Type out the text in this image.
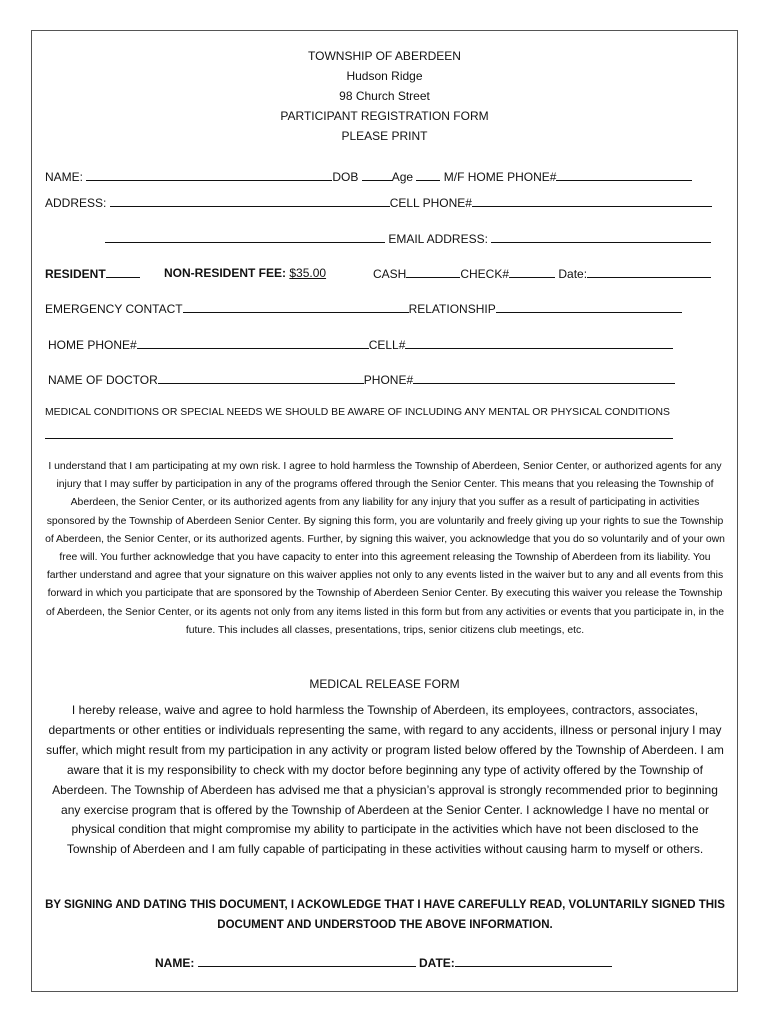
TOWNSHIP OF ABERDEEN
Hudson Ridge
98 Church Street
PARTICIPANT REGISTRATION FORM
PLEASE PRINT
NAME:	DOB	Age	M/F HOME PHONE#
ADDRESS:	CELL PHONE#
EMAIL ADDRESS:
RESIDENT	NON-RESIDENT FEE: $35.00	CASH	CHECK#	Date:
EMERGENCY CONTACT	RELATIONSHIP
HOME PHONE#	CELL#
NAME OF DOCTOR	PHONE#
MEDICAL CONDITIONS OR SPECIAL NEEDS WE SHOULD BE AWARE OF INCLUDING ANY MENTAL OR PHYSICAL CONDITIONS
I understand that I am participating at my own risk. I agree to hold harmless the Township of Aberdeen, Senior Center, or authorized agents for any injury that I may suffer by participation in any of the programs offered through the Senior Center. This means that you releasing the Township of Aberdeen, the Senior Center, or its authorized agents from any liability for any injury that you suffer as a result of participating in activities sponsored by the Township of Aberdeen Senior Center. By signing this form, you are voluntarily and freely giving up your rights to sue the Township of Aberdeen, the Senior Center, or its authorized agents. Further, by signing this waiver, you acknowledge that you do so voluntarily and of your own free will. You further acknowledge that you have capacity to enter into this agreement releasing the Township of Aberdeen from its liability. You farther understand and agree that your signature on this waiver applies not only to any events listed in the waiver but to any and all events from this forward in which you participate that are sponsored by the Township of Aberdeen Senior Center. By executing this waiver you release the Township of Aberdeen, the Senior Center, or its agents not only from any items listed in this form but from any activities or events that you participate in, in the future. This includes all classes, presentations, trips, senior citizens club meetings, etc.
MEDICAL RELEASE FORM
I hereby release, waive and agree to hold harmless the Township of Aberdeen, its employees, contractors, associates, departments or other entities or individuals representing the same, with regard to any accidents, illness or personal injury I may suffer, which might result from my participation in any activity or program listed below offered by the Township of Aberdeen. I am aware that it is my responsibility to check with my doctor before beginning any type of activity offered by the Township of Aberdeen. The Township of Aberdeen has advised me that a physician’s approval is strongly recommended prior to beginning any exercise program that is offered by the Township of Aberdeen at the Senior Center. I acknowledge I have no mental or physical condition that might compromise my ability to participate in the activities which have not been disclosed to the Township of Aberdeen and I am fully capable of participating in these activities without causing harm to myself or others.
BY SIGNING AND DATING THIS DOCUMENT, I ACKOWLEDGE THAT I HAVE CAREFULLY READ, VOLUNTARILY SIGNED THIS DOCUMENT AND UNDERSTOOD THE ABOVE INFORMATION.
NAME:	DATE:
